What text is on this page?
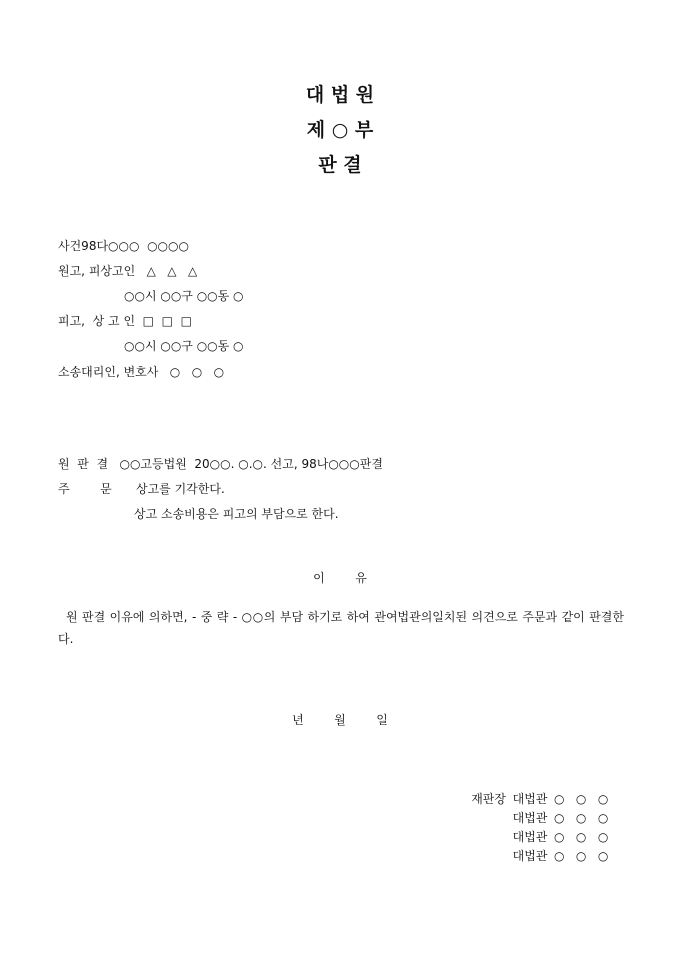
대 법 원
제 ○ 부
판 결
사건98다○○○  ○○○○
원고, 피상고인   △   △   △
○○시 ○○구 ○○동 ○
피고,  상 고 인  □  □  □
○○시 ○○구 ○○동 ○
소송대리인, 변호사   ○   ○   ○
원  판  결   ○○고등법원  20○○. ○.○. 선고, 98나○○○판결
주        문 상고를 기각한다.
상고 소송비용은 피고의 부담으로 한다.
이        유
원 판결 이유에 의하면, - 중 략 - ○○의 부담 하기로 하여 관여법관의일치된 의견으로 주문과 같이 판결한다.
년        월        일
재판장 대법관 ○   ○   ○
대법관 ○   ○   ○
대법관 ○   ○   ○
대법관 ○   ○   ○
